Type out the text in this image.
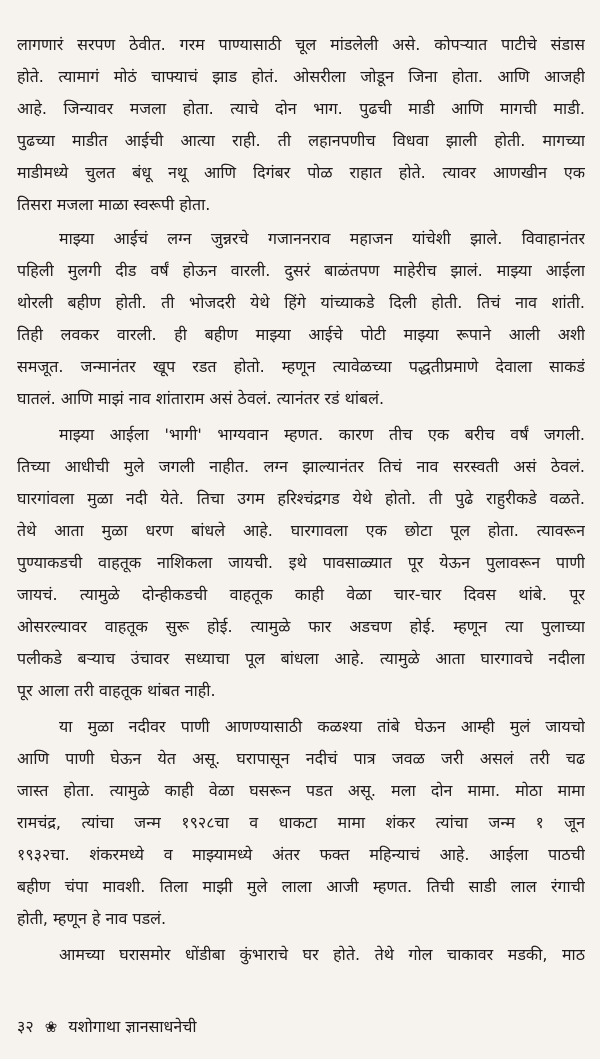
लागणारं सरपण ठेवीत. गरम पाण्यासाठी चूल मांडलेली असे. कोपऱ्यात पाटीचे संडास
होते. त्यामागं मोठं चाफ्याचं झाड होतं. ओसरीला जोडून जिना होता. आणि आजही
आहे. जिन्यावर मजला होता. त्याचे दोन भाग. पुढची माडी आणि मागची माडी.
पुढच्या माडीत आईची आत्या राही. ती लहानपणीच विधवा झाली होती. मागच्या
माडीमध्ये चुलत बंधू नथू आणि दिगंबर पोळ राहात होते. त्यावर आणखीन एक
तिसरा मजला माळा स्वरूपी होता.
माझ्या आईचं लग्न जुन्नरचे गजाननराव महाजन यांचेशी झाले. विवाहानंतर
पहिली मुलगी दीड वर्षं होऊन वारली. दुसरं बाळंतपण माहेरीच झालं. माझ्या आईला
थोरली बहीण होती. ती भोजदरी येथे हिंगे यांच्याकडे दिली होती. तिचं नाव शांती.
तिही लवकर वारली. ही बहीण माझ्या आईचे पोटी माझ्या रूपाने आली अशी
समजूत. जन्मानंतर खूप रडत होतो. म्हणून त्यावेळच्या पद्धतीप्रमाणे देवाला साकडं
घातलं. आणि माझं नाव शांताराम असं ठेवलं. त्यानंतर रडं थांबलं.
माझ्या आईला 'भागी' भाग्यवान म्हणत. कारण तीच एक बरीच वर्षं जगली.
तिच्या आधीची मुले जगली नाहीत. लग्न झाल्यानंतर तिचं नाव सरस्वती असं ठेवलं.
घारगांवला मुळा नदी येते. तिचा उगम हरिश्चंद्रगड येथे होतो. ती पुढे राहुरीकडे वळते.
तेथे आता मुळा धरण बांधले आहे. घारगावला एक छोटा पूल होता. त्यावरून
पुण्याकडची वाहतूक नाशिकला जायची. इथे पावसाळ्यात पूर येऊन पुलावरून पाणी
जायचं. त्यामुळे दोन्हीकडची वाहतूक काही वेळा चार-चार दिवस थांबे. पूर
ओसरल्यावर वाहतूक सुरू होई. त्यामुळे फार अडचण होई. म्हणून त्या पुलाच्या
पलीकडे बऱ्याच उंचावर सध्याचा पूल बांधला आहे. त्यामुळे आता घारगावचे नदीला
पूर आला तरी वाहतूक थांबत नाही.
या मुळा नदीवर पाणी आणण्यासाठी कळश्या तांबे घेऊन आम्ही मुलं जायचो
आणि पाणी घेऊन येत असू. घरापासून नदीचं पात्र जवळ जरी असलं तरी चढ
जास्त होता. त्यामुळे काही वेळा घसरून पडत असू. मला दोन मामा. मोठा मामा
रामचंद्र, त्यांचा जन्म १९२८चा व धाकटा मामा शंकर त्यांचा जन्म १ जून
१९३२चा. शंकरमध्ये व माझ्यामध्ये अंतर फक्त महिन्याचं आहे. आईला पाठची
बहीण चंपा मावशी. तिला माझी मुले लाला आजी म्हणत. तिची साडी लाल रंगाची
होती, म्हणून हे नाव पडलं.
आमच्या घरासमोर धोंडीबा कुंभाराचे घर होते. तेथे गोल चाकावर मडकी, माठ
३२ ❀ यशोगाथा ज्ञानसाधनेची
